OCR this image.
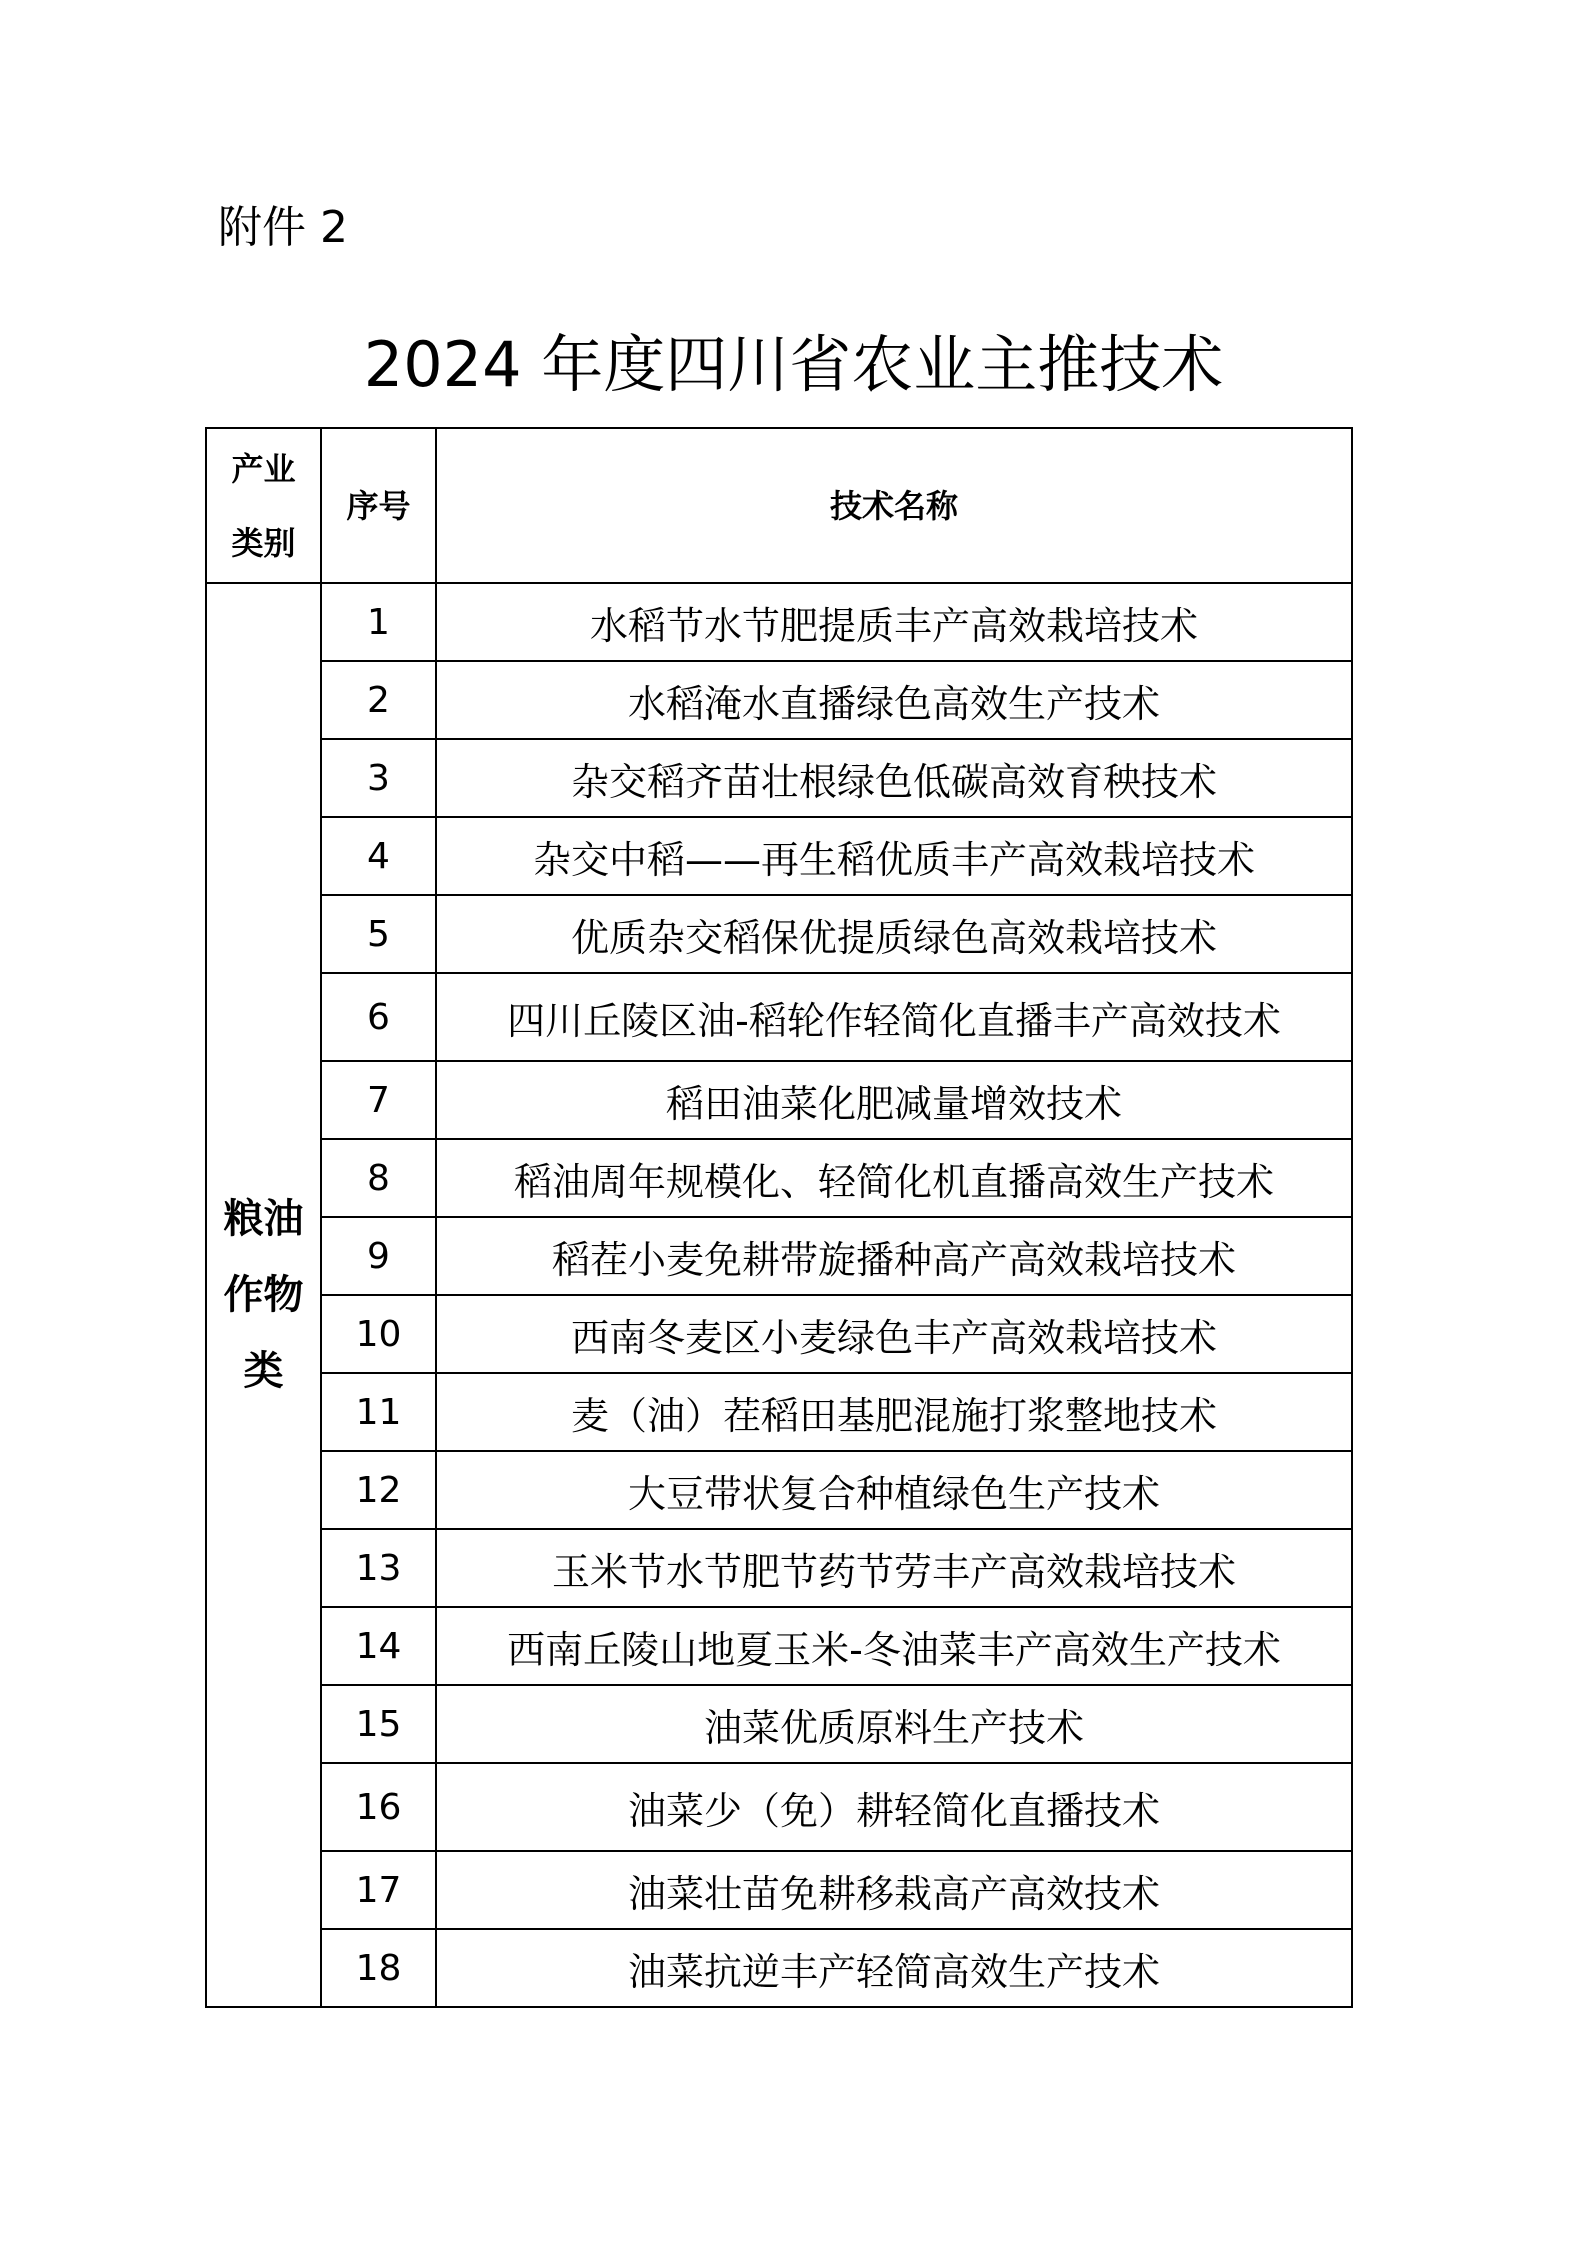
附件 2
2024 年度四川省农业主推技术
产业
类别	序号	技术名称

粮油
作物
类	1	水稻节水节肥提质丰产高效栽培技术
	2	水稻淹水直播绿色高效生产技术
	3	杂交稻齐苗壮根绿色低碳高效育秧技术
	4	杂交中稻——再生稻优质丰产高效栽培技术
	5	优质杂交稻保优提质绿色高效栽培技术
	6	四川丘陵区油-稻轮作轻简化直播丰产高效技术
	7	稻田油菜化肥减量增效技术
	8	稻油周年规模化、轻简化机直播高效生产技术
	9	稻茬小麦免耕带旋播种高产高效栽培技术
	10	西南冬麦区小麦绿色丰产高效栽培技术
	11	麦（油）茬稻田基肥混施打浆整地技术
	12	大豆带状复合种植绿色生产技术
	13	玉米节水节肥节药节劳丰产高效栽培技术
	14	西南丘陵山地夏玉米-冬油菜丰产高效生产技术
	15	油菜优质原料生产技术
	16	油菜少（免）耕轻简化直播技术
	17	油菜壮苗免耕移栽高产高效技术
	18	油菜抗逆丰产轻简高效生产技术
